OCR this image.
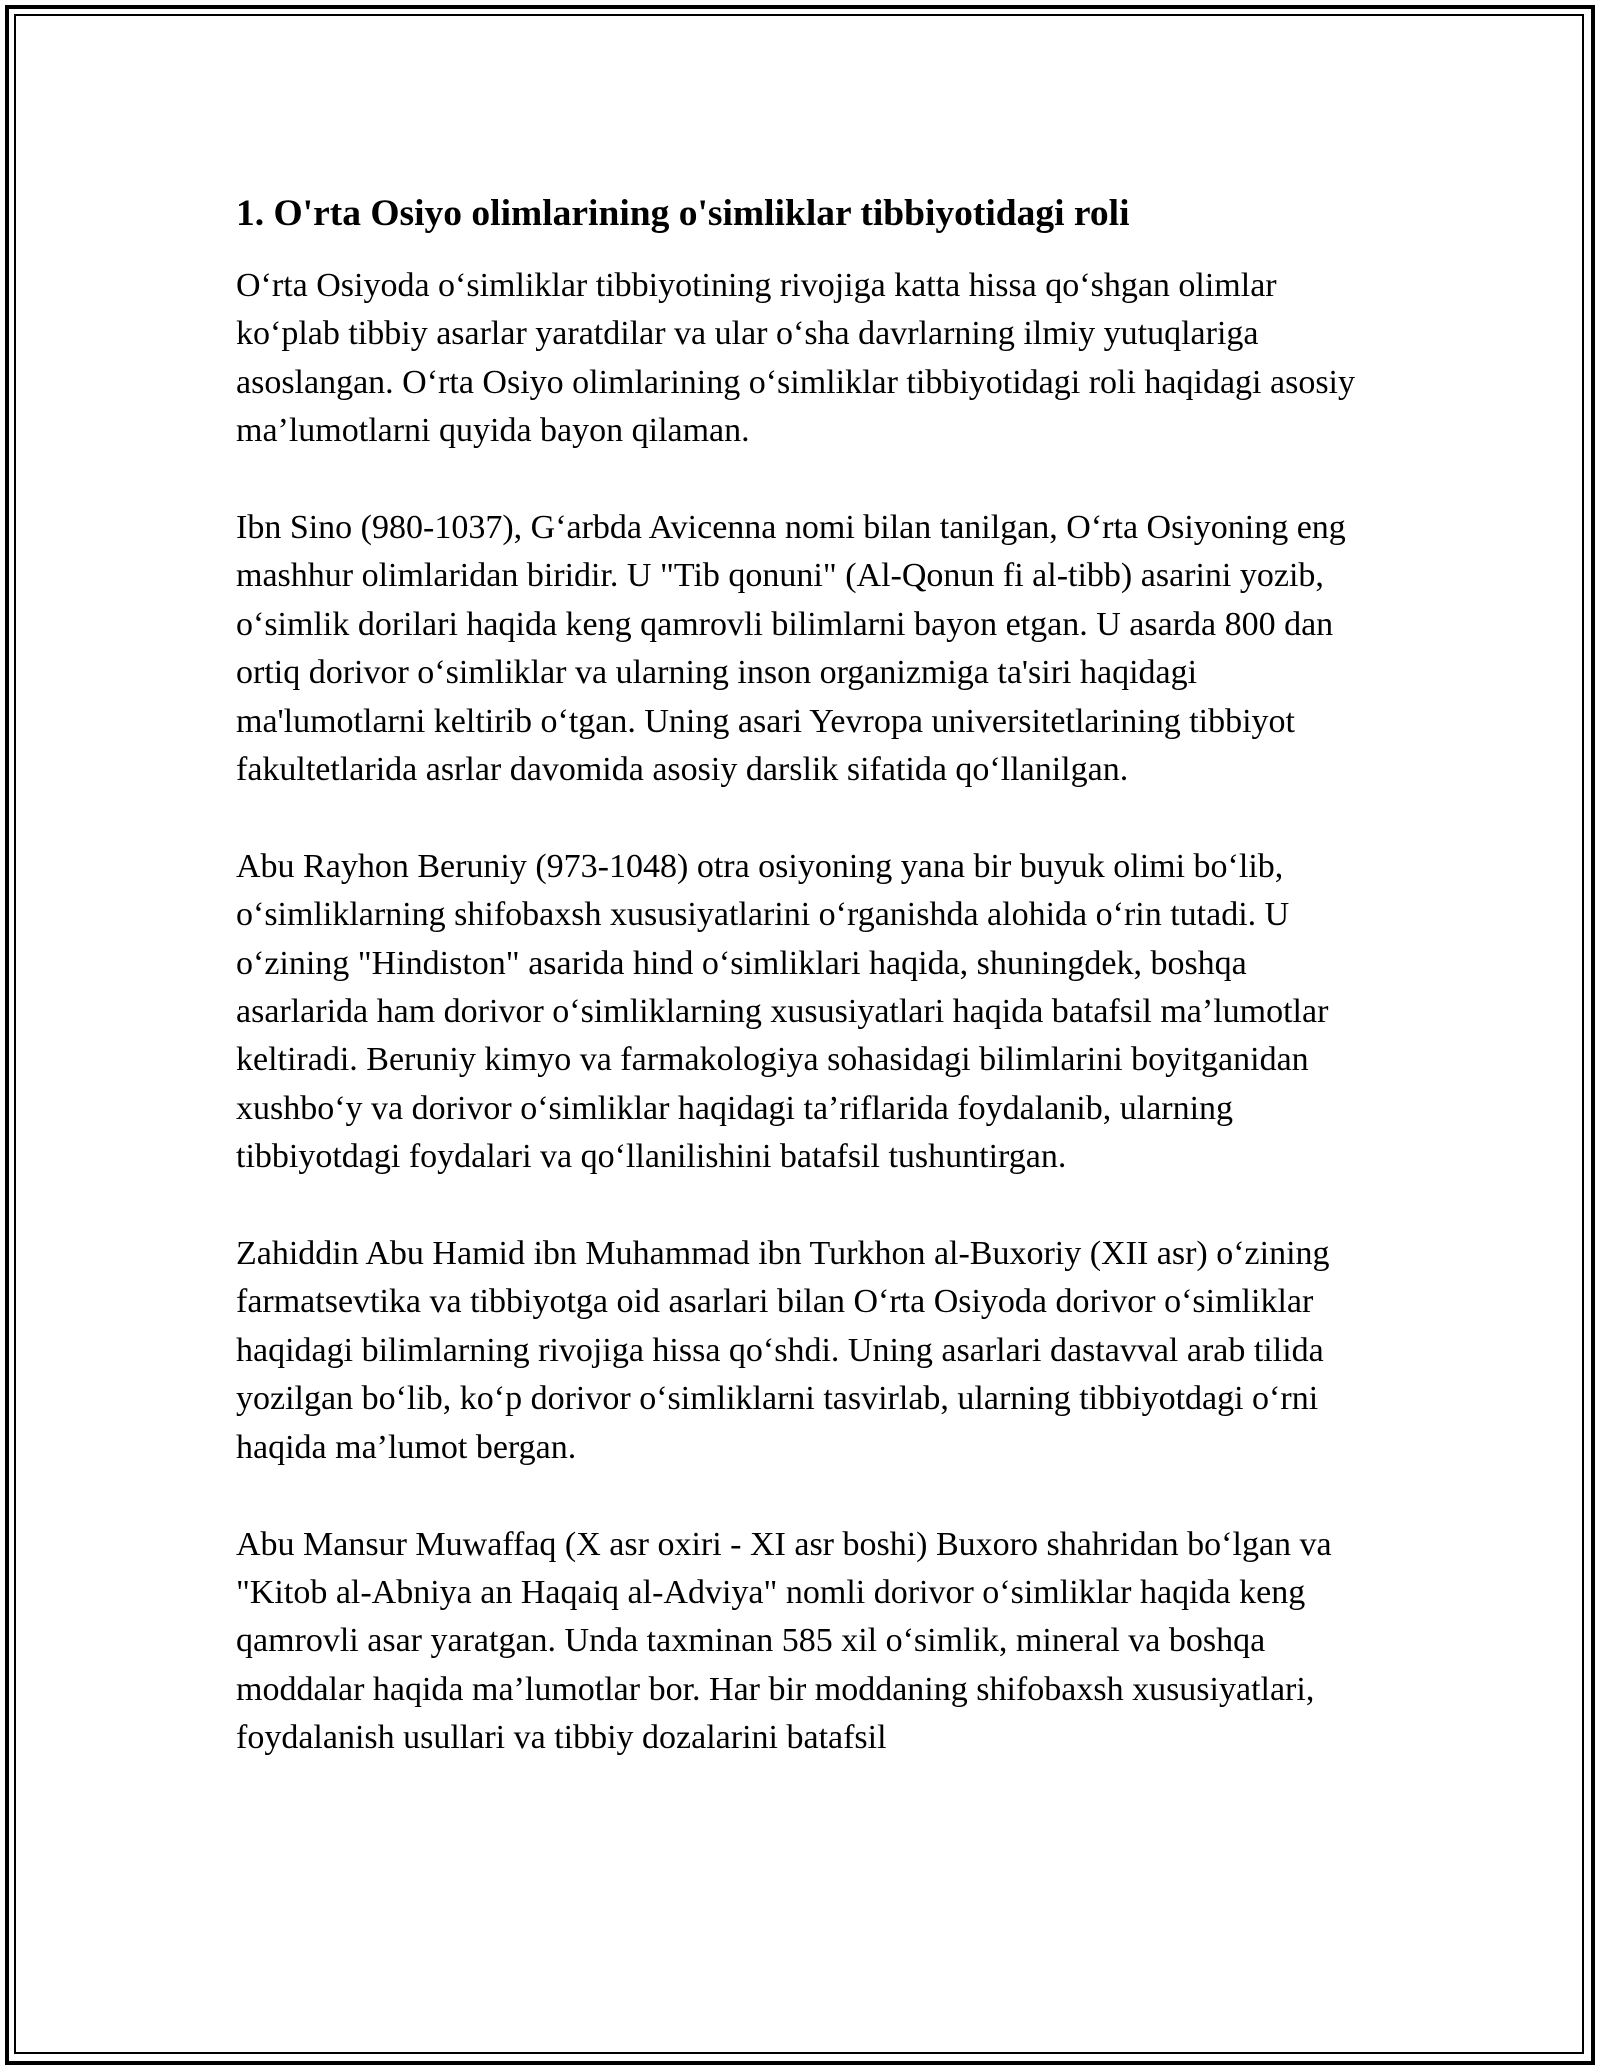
1. O'rta Osiyo olimlarining o'simliklar tibbiyotidagi roli

O‘rta Osiyoda o‘simliklar tibbiyotining rivojiga katta hissa qo‘shgan olimlar ko‘plab tibbiy asarlar yaratdilar va ular o‘sha davrlarning ilmiy yutuqlariga asoslangan. O‘rta Osiyo olimlarining o‘simliklar tibbiyotidagi roli haqidagi asosiy ma’lumotlarni quyida bayon qilaman.

Ibn Sino (980-1037), G‘arbda Avicenna nomi bilan tanilgan, O‘rta Osiyoning eng mashhur olimlaridan biridir. U "Tib qonuni" (Al-Qonun fi al-tibb) asarini yozib, o‘simlik dorilari haqida keng qamrovli bilimlarni bayon etgan. U asarda 800 dan ortiq dorivor o‘simliklar va ularning inson organizmiga ta'siri haqidagi ma'lumotlarni keltirib o‘tgan. Uning asari Yevropa universitetlarining tibbiyot fakultetlarida asrlar davomida asosiy darslik sifatida qo‘llanilgan.

Abu Rayhon Beruniy (973-1048) otra osiyoning yana bir buyuk olimi bo‘lib, o‘simliklarning shifobaxsh xususiyatlarini o‘rganishda alohida o‘rin tutadi. U o‘zining "Hindiston" asarida hind o‘simliklari haqida, shuningdek, boshqa asarlarida ham dorivor o‘simliklarning xususiyatlari haqida batafsil ma’lumotlar keltiradi. Beruniy kimyo va farmakologiya sohasidagi bilimlarini boyitganidan xushbo‘y va dorivor o‘simliklar haqidagi ta’riflarida foydalanib, ularning tibbiyotdagi foydalari va qo‘llanilishini batafsil tushuntirgan.

Zahiddin Abu Hamid ibn Muhammad ibn Turkhon al-Buxoriy (XII asr) o‘zining farmatsevtika va tibbiyotga oid asarlari bilan O‘rta Osiyoda dorivor o‘simliklar haqidagi bilimlarning rivojiga hissa qo‘shdi. Uning asarlari dastavval arab tilida yozilgan bo‘lib, ko‘p dorivor o‘simliklarni tasvirlab, ularning tibbiyotdagi o‘rni haqida ma’lumot bergan.

Abu Mansur Muwaffaq (X asr oxiri - XI asr boshi) Buxoro shahridan bo‘lgan va "Kitob al-Abniya an Haqaiq al-Adviya" nomli dorivor o‘simliklar haqida keng qamrovli asar yaratgan. Unda taxminan 585 xil o‘simlik, mineral va boshqa moddalar haqida ma’lumotlar bor. Har bir moddaning shifobaxsh xususiyatlari, foydalanish usullari va tibbiy dozalarini batafsil
